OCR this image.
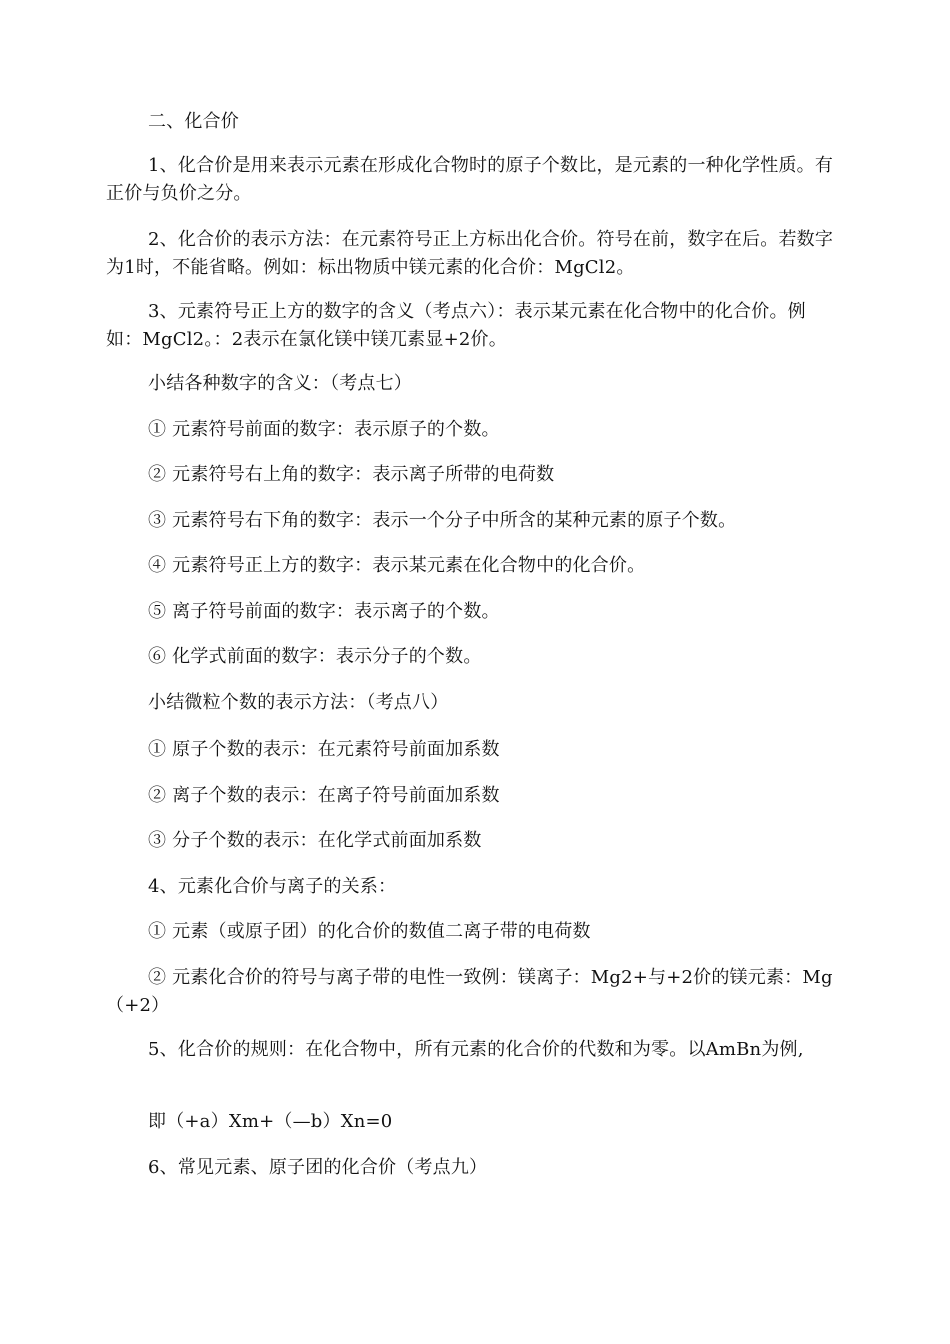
二、化合价

1、化合价是用来表示元素在形成化合物时的原子个数比，是元素的一种化学性质。有正价与负价之分。

2、化合价的表示方法：在元素符号正上方标出化合价。符号在前，数字在后。若数字为1时，不能省略。例如：标出物质中镁元素的化合价：MgCl2。

3、元素符号正上方的数字的含义（考点六）：表示某元素在化合物中的化合价。例如：MgCl2。：2表示在氯化镁中镁兀素显+2价。

小结各种数字的含义：（考点七）

① 元素符号前面的数字：表示原子的个数。

② 元素符号右上角的数字：表示离子所带的电荷数

③ 元素符号右下角的数字：表示一个分子中所含的某种元素的原子个数。

④ 元素符号正上方的数字：表示某元素在化合物中的化合价。

⑤ 离子符号前面的数字：表示离子的个数。

⑥ 化学式前面的数字：表示分子的个数。

小结微粒个数的表示方法：（考点八）

① 原子个数的表示：在元素符号前面加系数

② 离子个数的表示：在离子符号前面加系数

③ 分子个数的表示：在化学式前面加系数

4、元素化合价与离子的关系：

① 元素（或原子团）的化合价的数值二离子带的电荷数

② 元素化合价的符号与离子带的电性一致例：镁离子：Mg2+与+2价的镁元素：Mg（+2）

5、化合价的规则：在化合物中，所有元素的化合价的代数和为零。以AmBn为例,

即（+a）Xm+（—b）Xn=0

6、常见元素、原子团的化合价（考点九）
